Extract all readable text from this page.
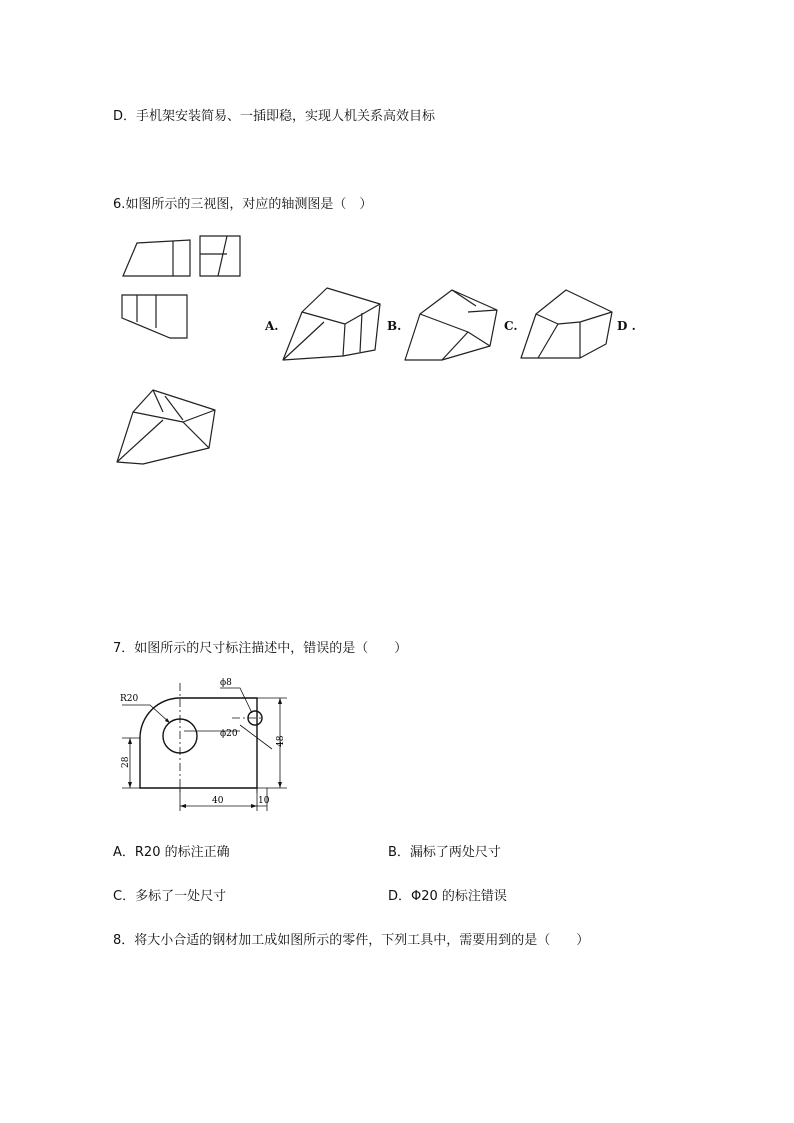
D．手机架安装简易、一插即稳，实现人机关系高效目标
6.如图所示的三视图，对应的轴测图是（　）
A.	B.	C.	D .
7．如图所示的尺寸标注描述中，错误的是（　　）
R20
ϕ8
ϕ20
48
28
40	10
A．R20 的标注正确	B．漏标了两处尺寸
C．多标了一处尺寸	D．Φ20 的标注错误
8．将大小合适的钢材加工成如图所示的零件，下列工具中，需要用到的是（　　）
